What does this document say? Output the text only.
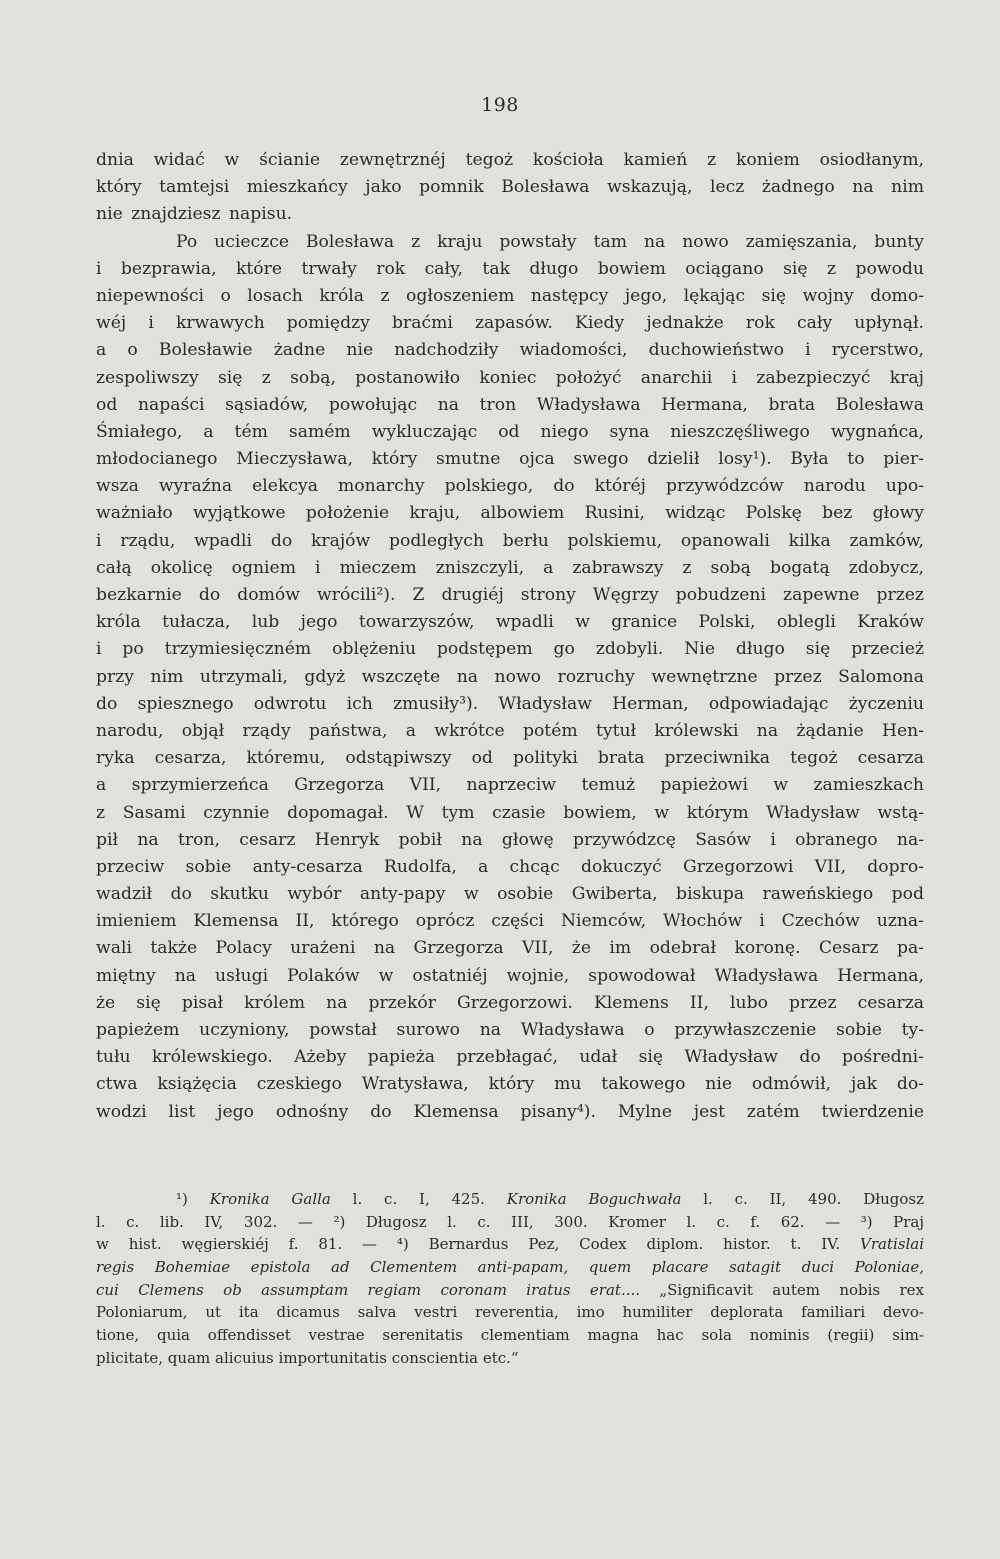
198
dnia widać w ścianie zewnętrznéj tegoż kościoła kamień z koniem osiodłanym,
który tamtejsi mieszkańcy jako pomnik Bolesława wskazują, lecz żadnego na nim
nie znajdziesz napisu.
Po ucieczce Bolesława z kraju powstały tam na nowo zamięszania, bunty
i bezprawia, które trwały rok cały, tak długo bowiem ociągano się z powodu
niepewności o losach króla z ogłoszeniem następcy jego, lękając się wojny domo-
wéj i krwawych pomiędzy braćmi zapasów. Kiedy jednakże rok cały upłynął.
a o Bolesławie żadne nie nadchodziły wiadomości, duchowieństwo i rycerstwo,
zespoliwszy się z sobą, postanowiło koniec położyć anarchii i zabezpieczyć kraj
od napaści sąsiadów, powołując na tron Władysława Hermana, brata Bolesława
Śmiałego, a tém samém wykluczając od niego syna nieszczęśliwego wygnańca,
młodocianego Mieczysława, który smutne ojca swego dzielił losy¹). Była to pier-
wsza wyraźna elekcya monarchy polskiego, do któréj przywódzców narodu upo-
ważniało wyjątkowe położenie kraju, albowiem Rusini, widząc Polskę bez głowy
i rządu, wpadli do krajów podległych berłu polskiemu, opanowali kilka zamków,
całą okolicę ogniem i mieczem zniszczyli, a zabrawszy z sobą bogatą zdobycz,
bezkarnie do domów wrócili²). Z drugiéj strony Węgrzy pobudzeni zapewne przez
króla tułacza, lub jego towarzyszów, wpadli w granice Polski, oblegli Kraków
i po trzymiesięczném oblężeniu podstępem go zdobyli. Nie długo się przecież
przy nim utrzymali, gdyż wszczęte na nowo rozruchy wewnętrzne przez Salomona
do spiesznego odwrotu ich zmusiły³). Władysław Herman, odpowiadając życzeniu
narodu, objął rządy państwa, a wkrótce potém tytuł królewski na żądanie Hen-
ryka cesarza, któremu, odstąpiwszy od polityki brata przeciwnika tegoż cesarza
a sprzymierzeńca Grzegorza VII, naprzeciw temuż papieżowi w zamieszkach
z Sasami czynnie dopomagał. W tym czasie bowiem, w którym Władysław wstą-
pił na tron, cesarz Henryk pobił na głowę przywódzcę Sasów i obranego na-
przeciw sobie anty-cesarza Rudolfa, a chcąc dokuczyć Grzegorzowi VII, dopro-
wadził do skutku wybór anty-papy w osobie Gwiberta, biskupa raweńskiego pod
imieniem Klemensa II, którego oprócz części Niemców, Włochów i Czechów uzna-
wali także Polacy urażeni na Grzegorza VII, że im odebrał koronę. Cesarz pa-
miętny na usługi Polaków w ostatniéj wojnie, spowodował Władysława Hermana,
że się pisał królem na przekór Grzegorzowi. Klemens II, lubo przez cesarza
papieżem uczyniony, powstał surowo na Władysława o przywłaszczenie sobie ty-
tułu królewskiego. Ażeby papieża przebłagać, udał się Władysław do pośredni-
ctwa książęcia czeskiego Wratysława, który mu takowego nie odmówił, jak do-
wodzi list jego odnośny do Klemensa pisany⁴). Mylne jest zatém twierdzenie
¹) Kronika Galla l. c. I, 425. Kronika Boguchwała l. c. II, 490. Długosz
l. c. lib. IV, 302. — ²) Długosz l. c. III, 300. Kromer l. c. f. 62. — ³) Praj
w hist. węgierskiéj f. 81. — ⁴) Bernardus Pez, Codex diplom. histor. t. IV. Vratislai
regis Bohemiae epistola ad Clementem anti-papam, quem placare satagit duci Poloniae,
cui Clemens ob assumptam regiam coronam iratus erat.... „Significavit autem nobis rex
Poloniarum, ut ita dicamus salva vestri reverentia, imo humiliter deplorata familiari devo-
tione, quia offendisset vestrae serenitatis clementiam magna hac sola nominis (regii) sim-
plicitate, quam alicuius importunitatis conscientia etc.“
